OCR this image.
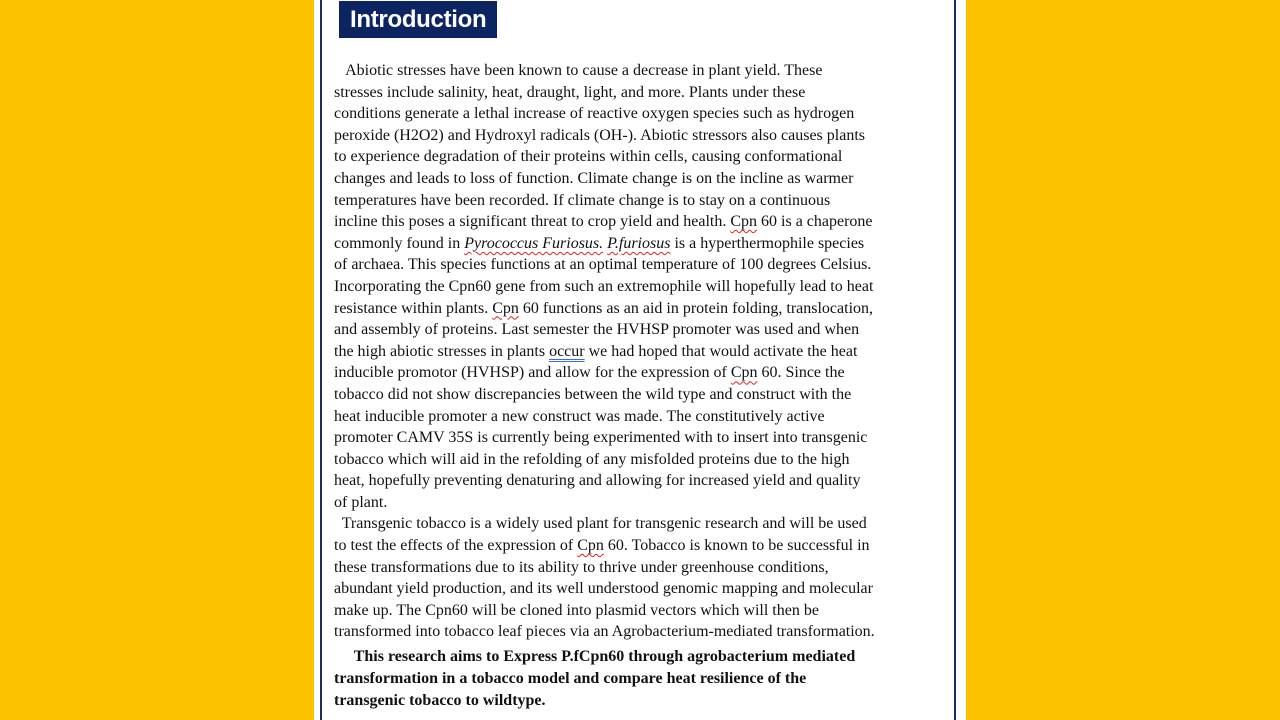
Introduction
Abiotic stresses have been known to cause a decrease in plant yield. These
stresses include salinity, heat, draught, light, and more. Plants under these
conditions generate a lethal increase of reactive oxygen species such as hydrogen
peroxide (H2O2) and Hydroxyl radicals (OH-). Abiotic stressors also causes plants
to experience degradation of their proteins within cells, causing conformational
changes and leads to loss of function. Climate change is on the incline as warmer
temperatures have been recorded. If climate change is to stay on a continuous
incline this poses a significant threat to crop yield and health. Cpn 60 is a chaperone
commonly found in Pyrococcus Furiosus. P.furiosus is a hyperthermophile species
of archaea. This species functions at an optimal temperature of 100 degrees Celsius.
Incorporating the Cpn60 gene from such an extremophile will hopefully lead to heat
resistance within plants. Cpn 60 functions as an aid in protein folding, translocation,
and assembly of proteins. Last semester the HVHSP promoter was used and when
the high abiotic stresses in plants occur we had hoped that would activate the heat
inducible promotor (HVHSP) and allow for the expression of Cpn 60. Since the
tobacco did not show discrepancies between the wild type and construct with the
heat inducible promoter a new construct was made. The constitutively active
promoter CAMV 35S is currently being experimented with to insert into transgenic
tobacco which will aid in the refolding of any misfolded proteins due to the high
heat, hopefully preventing denaturing and allowing for increased yield and quality
of plant.
Transgenic tobacco is a widely used plant for transgenic research and will be used
to test the effects of the expression of Cpn 60. Tobacco is known to be successful in
these transformations due to its ability to thrive under greenhouse conditions,
abundant yield production, and its well understood genomic mapping and molecular
make up. The Cpn60 will be cloned into plasmid vectors which will then be
transformed into tobacco leaf pieces via an Agrobacterium-mediated transformation.
This research aims to Express P.fCpn60 through agrobacterium mediated
transformation in a tobacco model and compare heat resilience of the
transgenic tobacco to wildtype.
